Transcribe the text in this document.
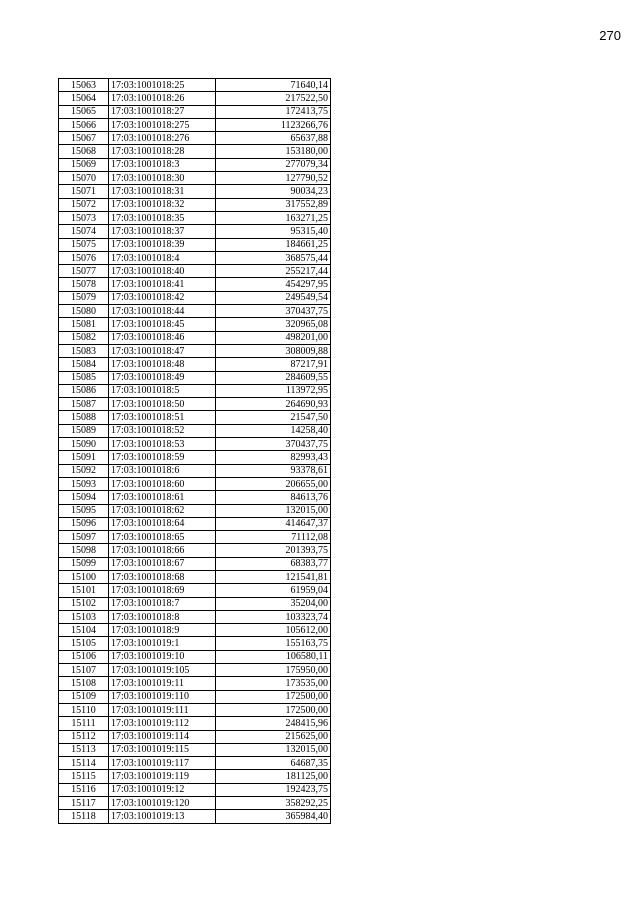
270
15063	17:03:1001018:25	71640,14
15064	17:03:1001018:26	217522,50
15065	17:03:1001018:27	172413,75
15066	17:03:1001018:275	1123266,76
15067	17:03:1001018:276	65637,88
15068	17:03:1001018:28	153180,00
15069	17:03:1001018:3	277079,34
15070	17:03:1001018:30	127790,52
15071	17:03:1001018:31	90034,23
15072	17:03:1001018:32	317552,89
15073	17:03:1001018:35	163271,25
15074	17:03:1001018:37	95315,40
15075	17:03:1001018:39	184661,25
15076	17:03:1001018:4	368575,44
15077	17:03:1001018:40	255217,44
15078	17:03:1001018:41	454297,95
15079	17:03:1001018:42	249549,54
15080	17:03:1001018:44	370437,75
15081	17:03:1001018:45	320965,08
15082	17:03:1001018:46	498201,00
15083	17:03:1001018:47	308009,88
15084	17:03:1001018:48	87217,91
15085	17:03:1001018:49	284609,55
15086	17:03:1001018:5	113972,95
15087	17:03:1001018:50	264690,93
15088	17:03:1001018:51	21547,50
15089	17:03:1001018:52	14258,40
15090	17:03:1001018:53	370437,75
15091	17:03:1001018:59	82993,43
15092	17:03:1001018:6	93378,61
15093	17:03:1001018:60	206655,00
15094	17:03:1001018:61	84613,76
15095	17:03:1001018:62	132015,00
15096	17:03:1001018:64	414647,37
15097	17:03:1001018:65	71112,08
15098	17:03:1001018:66	201393,75
15099	17:03:1001018:67	68383,77
15100	17:03:1001018:68	121541,81
15101	17:03:1001018:69	61959,04
15102	17:03:1001018:7	35204,00
15103	17:03:1001018:8	103323,74
15104	17:03:1001018:9	105612,00
15105	17:03:1001019:1	155163,75
15106	17:03:1001019:10	106580,11
15107	17:03:1001019:105	175950,00
15108	17:03:1001019:11	173535,00
15109	17:03:1001019:110	172500,00
15110	17:03:1001019:111	172500,00
15111	17:03:1001019:112	248415,96
15112	17:03:1001019:114	215625,00
15113	17:03:1001019:115	132015,00
15114	17:03:1001019:117	64687,35
15115	17:03:1001019:119	181125,00
15116	17:03:1001019:12	192423,75
15117	17:03:1001019:120	358292,25
15118	17:03:1001019:13	365984,40
